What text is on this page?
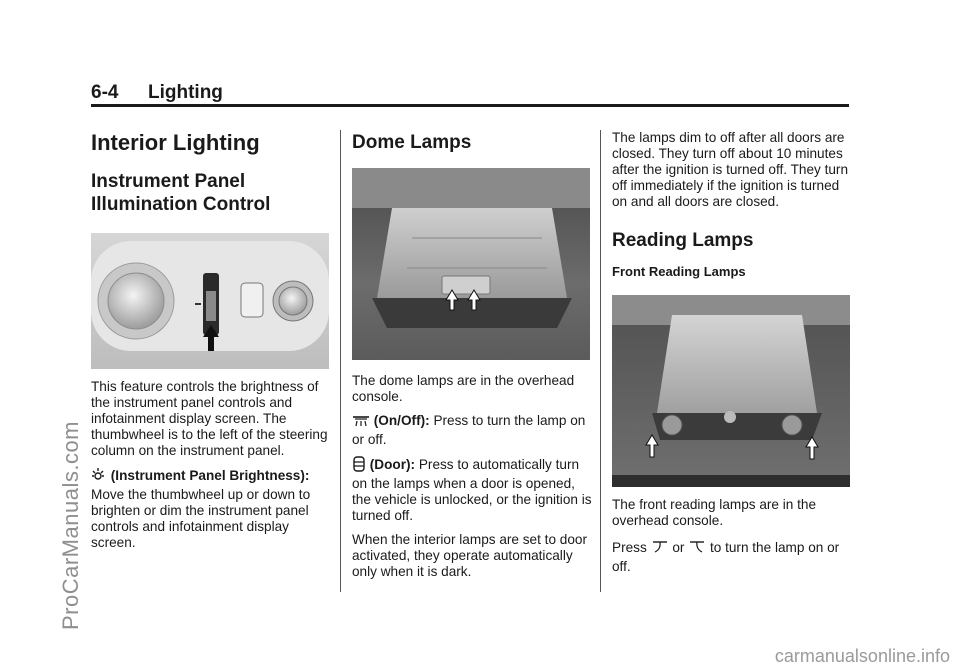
6-4 Lighting
Interior Lighting
Instrument Panel
Illumination Control

This feature controls the brightness of the instrument panel controls and infotainment display screen. The thumbwheel is to the left of the steering column on the instrument panel.

(Instrument Panel Brightness): Move the thumbwheel up or down to brighten or dim the instrument panel controls and infotainment display screen.

Dome Lamps

The dome lamps are in the overhead console.

(On/Off): Press to turn the lamp on or off.

(Door): Press to automatically turn on the lamps when a door is opened, the vehicle is unlocked, or the ignition is turned off.

When the interior lamps are set to door activated, they operate automatically only when it is dark.

The lamps dim to off after all doors are closed. They turn off about 10 minutes after the ignition is turned off. They turn off immediately if the ignition is turned on and all doors are closed.

Reading Lamps
Front Reading Lamps

The front reading lamps are in the overhead console.

Press or to turn the lamp on or off.

ProCarManuals.com
carmanualsonline.info
